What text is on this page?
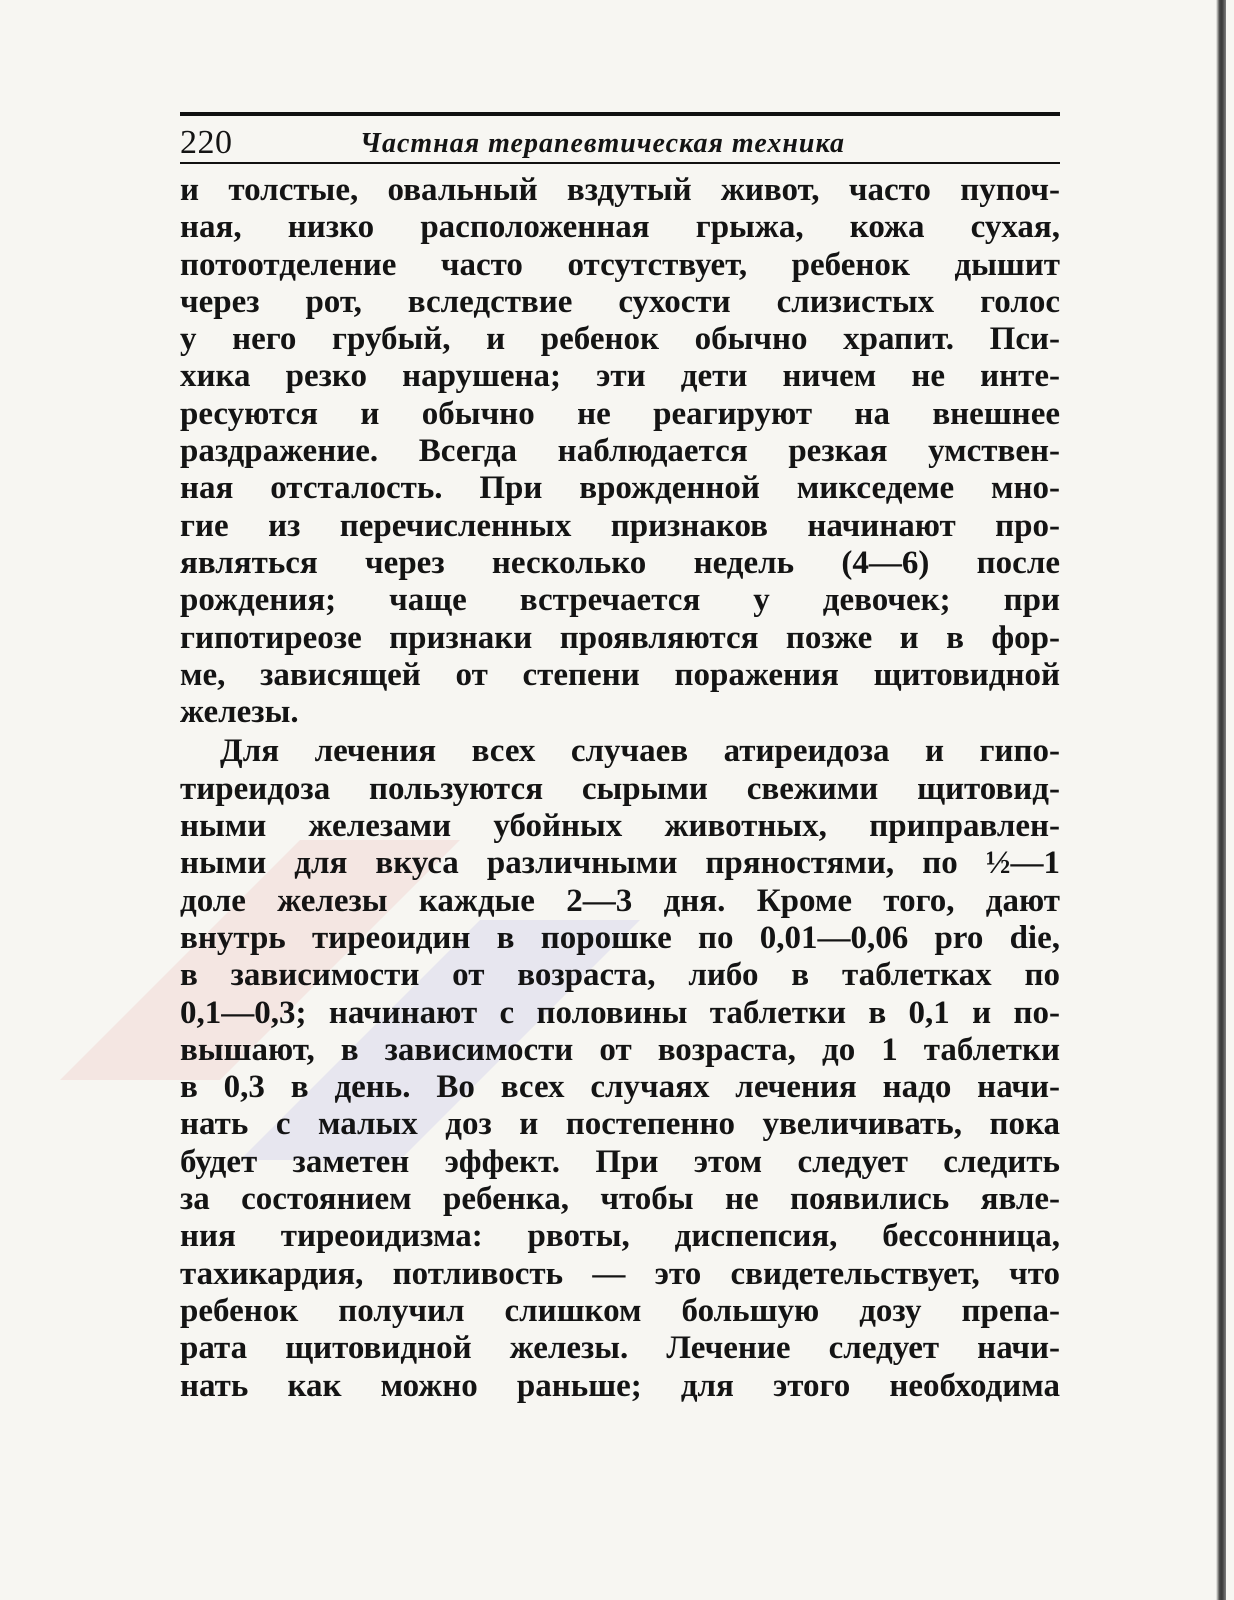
220	Частная терапевтическая техника
и толстые, овальный вздутый живот, часто пупоч-
ная, низко расположенная грыжа, кожа сухая,
потоотделение часто отсутствует, ребенок дышит
через рот, вследствие сухости слизистых голос
у него грубый, и ребенок обычно храпит. Пси-
хика резко нарушена; эти дети ничем не инте-
ресуются и обычно не реагируют на внешнее
раздражение. Всегда наблюдается резкая умствен-
ная отсталость. При врожденной микседеме мно-
гие из перечисленных признаков начинают про-
являться через несколько недель (4—6) после
рождения; чаще встречается у девочек; при
гипотиреозе признаки проявляются позже и в фор-
ме, зависящей от степени поражения щитовидной
железы.
Для лечения всех случаев атиреидоза и гипо-
тиреидоза пользуются сырыми свежими щитовид-
ными железами убойных животных, приправлен-
ными для вкуса различными пряностями, по ½—1
доле железы каждые 2—3 дня. Кроме того, дают
внутрь тиреоидин в порошке по 0,01—0,06 pro die,
в зависимости от возраста, либо в таблетках по
0,1—0,3; начинают с половины таблетки в 0,1 и по-
вышают, в зависимости от возраста, до 1 таблетки
в 0,3 в день. Во всех случаях лечения надо начи-
нать с малых доз и постепенно увеличивать, пока
будет заметен эффект. При этом следует следить
за состоянием ребенка, чтобы не появились явле-
ния тиреоидизма: рвоты, диспепсия, бессонница,
тахикардия, потливость — это свидетельствует, что
ребенок получил слишком большую дозу препа-
рата щитовидной железы. Лечение следует начи-
нать как можно раньше; для этого необходима
